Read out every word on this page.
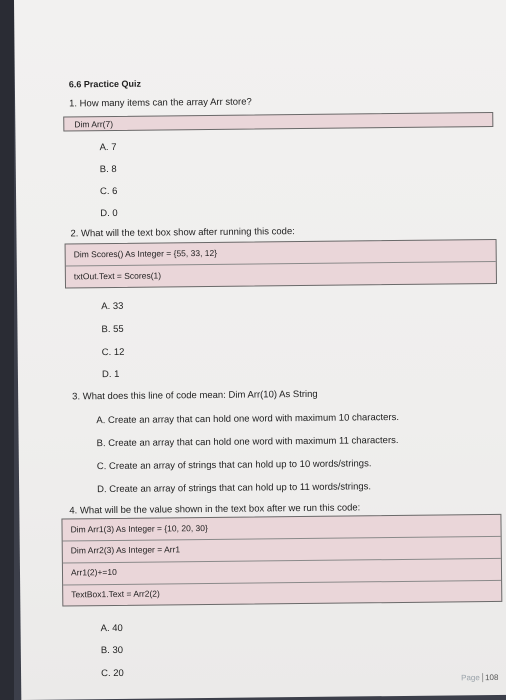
6.6 Practice Quiz
1. How many items can the array Arr store?
Dim Arr(7)
A. 7
B. 8
C. 6
D. 0
2. What will the text box show after running this code:
Dim Scores() As Integer = {55, 33, 12}
txtOut.Text = Scores(1)
A. 33
B. 55
C. 12
D. 1
3. What does this line of code mean: Dim Arr(10) As String
A. Create an array that can hold one word with maximum 10 characters.
B. Create an array that can hold one word with maximum 11 characters.
C. Create an array of strings that can hold up to 10 words/strings.
D. Create an array of strings that can hold up to 11 words/strings.
4. What will be the value shown in the text box after we run this code:
Dim Arr1(3) As Integer = {10, 20, 30}
Dim Arr2(3) As Integer = Arr1
Arr1(2)+=10
TextBox1.Text = Arr2(2)
A. 40
B. 30
C. 20	Page 108
